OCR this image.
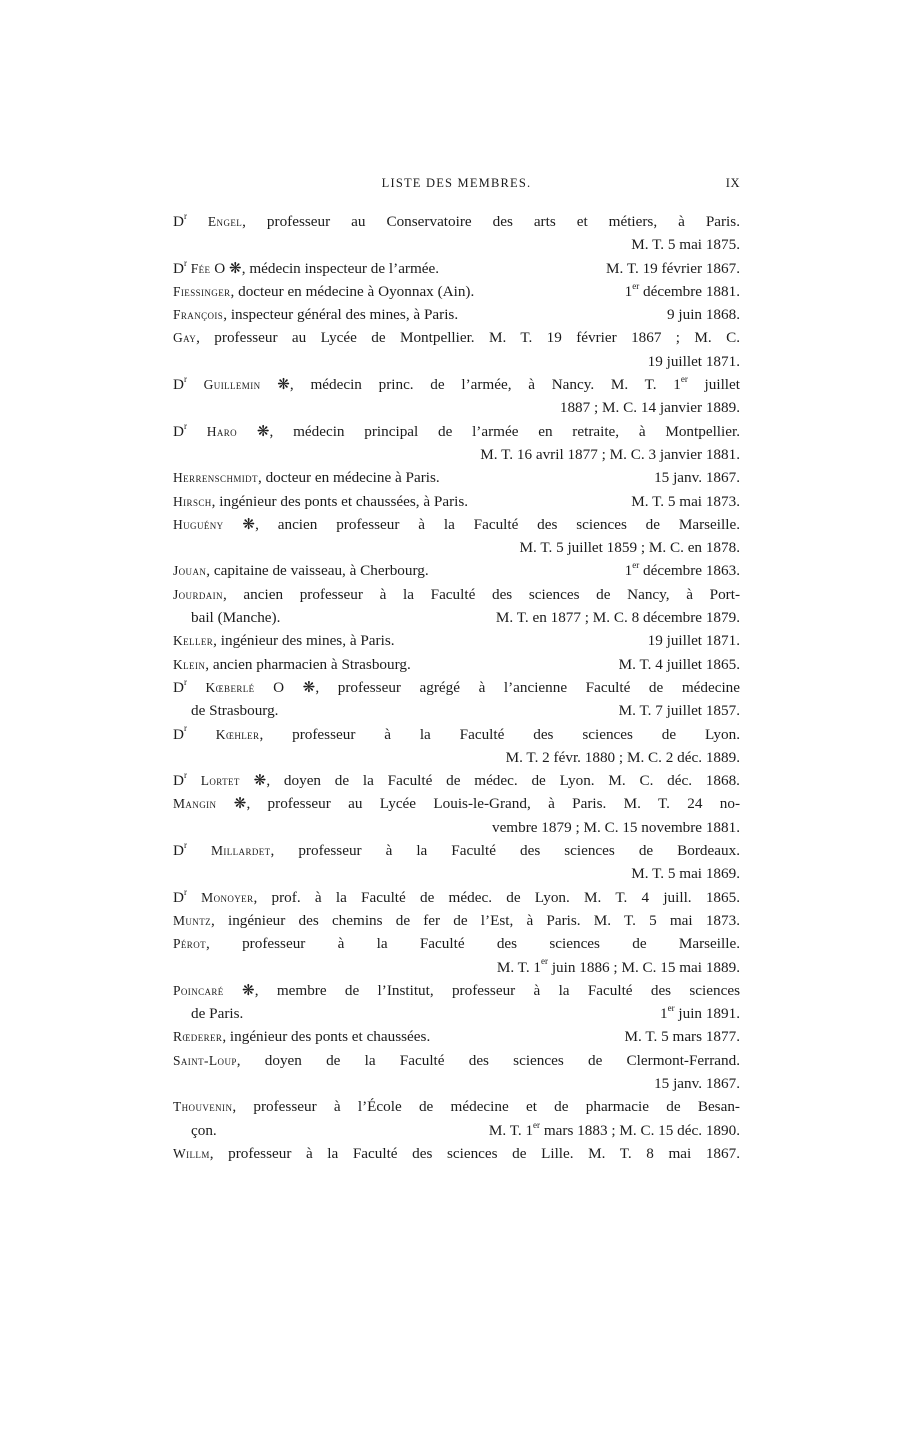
LISTE DES MEMBRES.	IX
$D^r$ Engel, professeur au Conservatoire des arts et métiers, à Paris.
M. T. 5 mai 1875.
$D^r$ Fée O ❋, médecin inspecteur de l’armée.	M. T. 19 février 1867.
Fiessinger, docteur en médecine à Oyonnax (Ain).	1er décembre 1881.
François, inspecteur général des mines, à Paris.	9 juin 1868.
Gay, professeur au Lycée de Montpellier. M. T. 19 février 1867 ; M. C.
19 juillet 1871.
$D^r$ Guillemin ❋, médecin princ. de l’armée, à Nancy. M. T. 1er juillet
1887 ; M. C. 14 janvier 1889.
$D^r$ Haro ❋, médecin principal de l’armée en retraite, à Montpellier.
M. T. 16 avril 1877 ; M. C. 3 janvier 1881.
Herrenschmidt, docteur en médecine à Paris.	15 janv. 1867.
Hirsch, ingénieur des ponts et chaussées, à Paris.	M. T. 5 mai 1873.
Huguény ❋, ancien professeur à la Faculté des sciences de Marseille.
M. T. 5 juillet 1859 ; M. C. en 1878.
Jouan, capitaine de vaisseau, à Cherbourg.	1er décembre 1863.
Jourdain, ancien professeur à la Faculté des sciences de Nancy, à Port-
bail (Manche).	M. T. en 1877 ; M. C. 8 décembre 1879.
Keller, ingénieur des mines, à Paris.	19 juillet 1871.
Klein, ancien pharmacien à Strasbourg.	M. T. 4 juillet 1865.
$D^r$ Kœberlé O ❋, professeur agrégé à l’ancienne Faculté de médecine
de Strasbourg.	M. T. 7 juillet 1857.
$D^r$ Kœhler, professeur à la Faculté des sciences de Lyon.
M. T. 2 févr. 1880 ; M. C. 2 déc. 1889.
$D^r$ Lortet ❋, doyen de la Faculté de médec. de Lyon. M. C. déc. 1868.
Mangin ❋, professeur au Lycée Louis-le-Grand, à Paris. M. T. 24 no-
vembre 1879 ; M. C. 15 novembre 1881.
$D^r$ Millardet, professeur à la Faculté des sciences de Bordeaux.
M. T. 5 mai 1869.
$D^r$ Monoyer, prof. à la Faculté de médec. de Lyon. M. T. 4 juill. 1865.
Muntz, ingénieur des chemins de fer de l’Est, à Paris. M. T. 5 mai 1873.
Pérot, professeur à la Faculté des sciences de Marseille.
M. T. 1er juin 1886 ; M. C. 15 mai 1889.
Poincaré ❋, membre de l’Institut, professeur à la Faculté des sciences
de Paris.	1er juin 1891.
Rœderer, ingénieur des ponts et chaussées.	M. T. 5 mars 1877.
Saint-Loup, doyen de la Faculté des sciences de Clermont-Ferrand.
15 janv. 1867.
Thouvenin, professeur à l’École de médecine et de pharmacie de Besan-
çon.	M. T. 1er mars 1883 ; M. C. 15 déc. 1890.
Willm, professeur à la Faculté des sciences de Lille. M. T. 8 mai 1867.
